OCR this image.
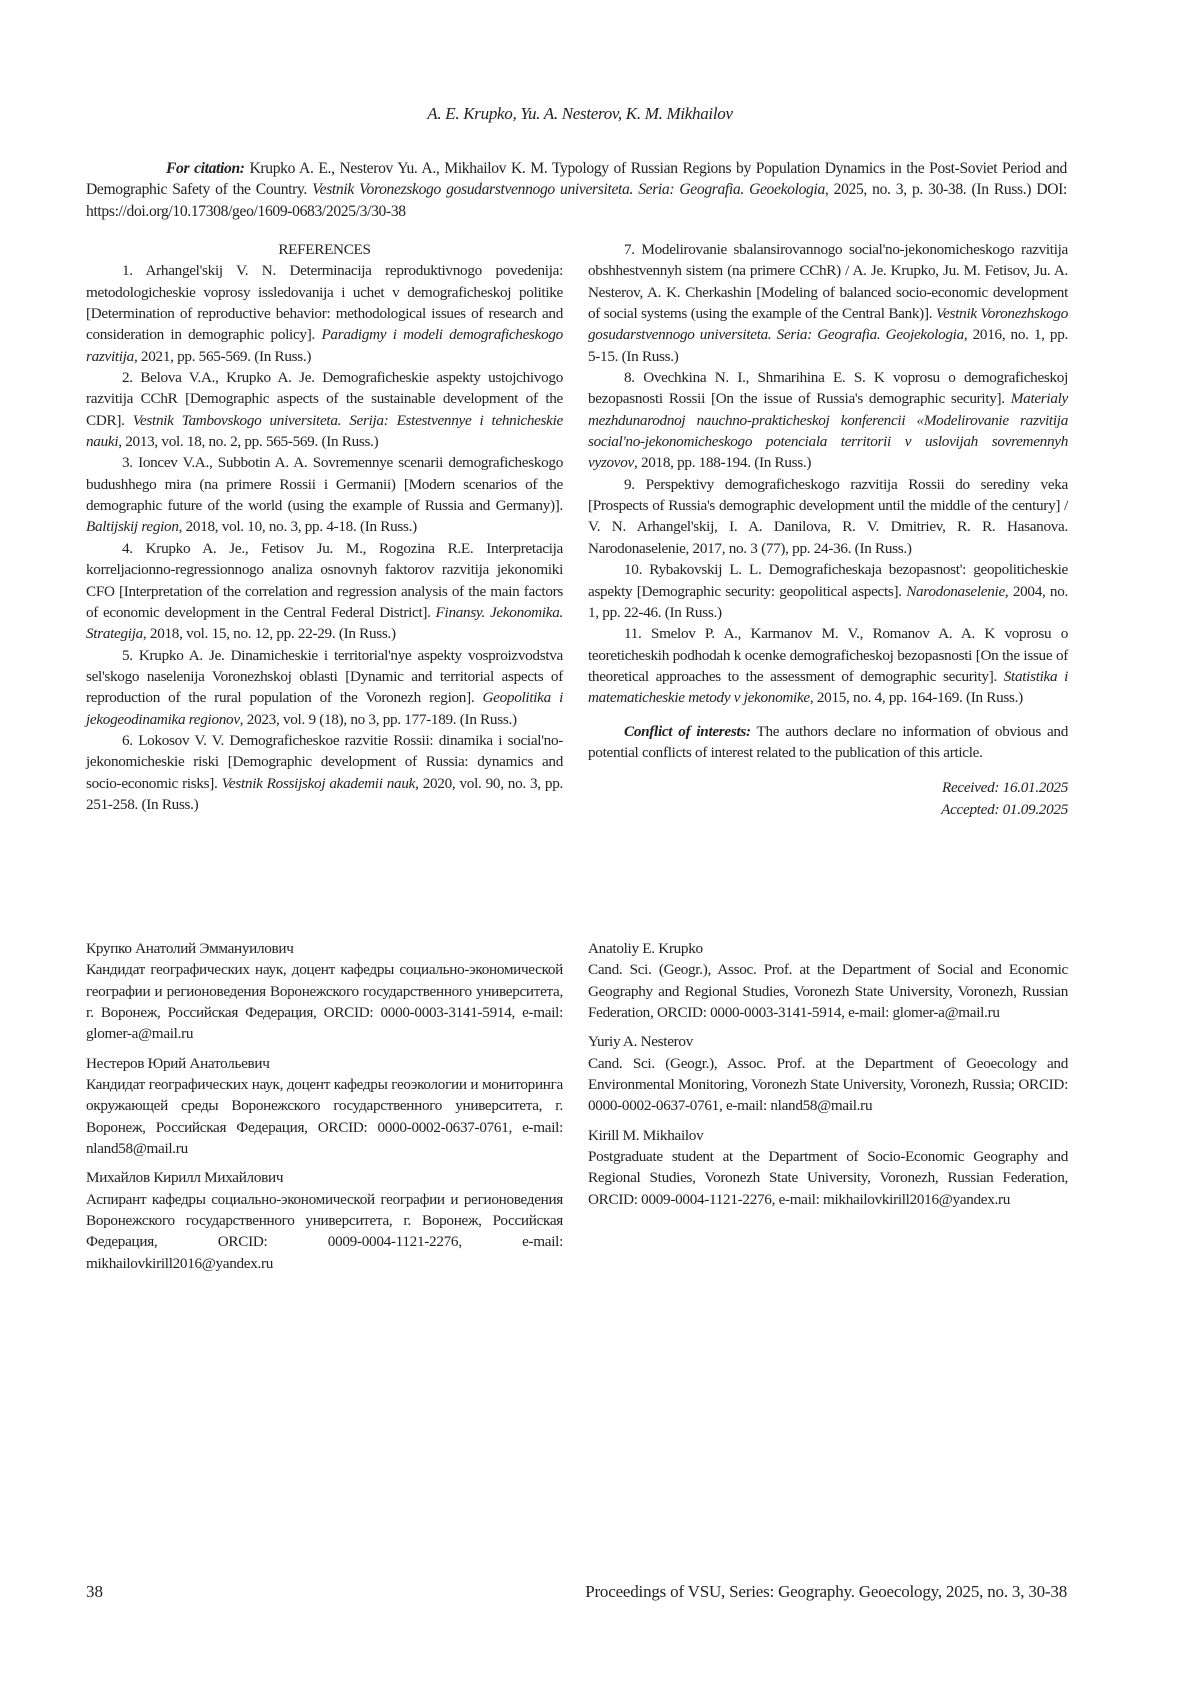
A. E. Krupko, Yu. A. Nesterov, K. M. Mikhailov

For citation: Krupko A. E., Nesterov Yu. A., Mikhailov K. M. Typology of Russian Regions by Population Dynamics in the Post-Soviet Period and Demographic Safety of the Country. Vestnik Voronezskogo gosudarstvennogo universiteta. Seria: Geografia. Geoekologia, 2025, no. 3, p. 30-38. (In Russ.) DOI: https://doi.org/10.17308/geo/1609-0683/2025/3/30-38

REFERENCES

1. Arhangel'skij V. N. Determinacija reproduktivnogo povedenija: metodologicheskie voprosy issledovanija i uchet v demograficheskoj politike [Determination of reproductive behavior: methodological issues of research and consideration in demographic policy]. Paradigmy i modeli demograficheskogo razvitija, 2021, pp. 565-569. (In Russ.)

2. Belova V.A., Krupko A. Je. Demograficheskie aspekty ustojchivogo razvitija CChR [Demographic aspects of the sustainable development of the CDR]. Vestnik Tambovskogo universiteta. Serija: Estestvennye i tehnicheskie nauki, 2013, vol. 18, no. 2, pp. 565-569. (In Russ.)

3. Ioncev V.A., Subbotin A. A. Sovremennye scenarii demograficheskogo budushhego mira (na primere Rossii i Germanii) [Modern scenarios of the demographic future of the world (using the example of Russia and Germany)]. Baltijskij region, 2018, vol. 10, no. 3, pp. 4-18. (In Russ.)

4. Krupko A. Je., Fetisov Ju. M., Rogozina R.E. Interpretacija korreljacionno-regressionnogo analiza osnovnyh faktorov razvitija jekonomiki CFO [Interpretation of the correlation and regression analysis of the main factors of economic development in the Central Federal District]. Finansy. Jekonomika. Strategija, 2018, vol. 15, no. 12, pp. 22-29. (In Russ.)

5. Krupko A. Je. Dinamicheskie i territorial'nye aspekty vosproizvodstva sel'skogo naselenija Voronezhskoj oblasti [Dynamic and territorial aspects of reproduction of the rural population of the Voronezh region]. Geopolitika i jekogeodinamika regionov, 2023, vol. 9 (18), no 3, pp. 177-189. (In Russ.)

6. Lokosov V. V. Demograficheskoe razvitie Rossii: dinamika i social'no-jekonomicheskie riski [Demographic development of Russia: dynamics and socio-economic risks]. Vestnik Rossijskoj akademii nauk, 2020, vol. 90, no. 3, pp. 251-258. (In Russ.)

7. Modelirovanie sbalansirovannogo social'no-jekonomicheskogo razvitija obshhestvennyh sistem (na primere CChR) / A. Je. Krupko, Ju. M. Fetisov, Ju. A. Nesterov, A. K. Cherkashin [Modeling of balanced socio-economic development of social systems (using the example of the Central Bank)]. Vestnik Voronezhskogo gosudarstvennogo universiteta. Seria: Geografia. Geojekologia, 2016, no. 1, pp. 5-15. (In Russ.)

8. Ovechkina N. I., Shmarihina E. S. K voprosu o demograficheskoj bezopasnosti Rossii [On the issue of Russia's demographic security]. Materialy mezhdunarodnoj nauchno-prakticheskoj konferencii «Modelirovanie razvitija social'no-jekonomicheskogo potenciala territorii v uslovijah sovremennyh vyzovov, 2018, pp. 188-194. (In Russ.)

9. Perspektivy demograficheskogo razvitija Rossii do serediny veka [Prospects of Russia's demographic development until the middle of the century] / V. N. Arhangel'skij, I. A. Danilova, R. V. Dmitriev, R. R. Hasanova. Narodonaselenie, 2017, no. 3 (77), pp. 24-36. (In Russ.)

10. Rybakovskij L. L. Demograficheskaja bezopasnost': geopoliticheskie aspekty [Demographic security: geopolitical aspects]. Narodonaselenie, 2004, no. 1, pp. 22-46. (In Russ.)

11. Smelov P. A., Karmanov M. V., Romanov A. A. K voprosu o teoreticheskih podhodah k ocenke demograficheskoj bezopasnosti [On the issue of theoretical approaches to the assessment of demographic security]. Statistika i matematicheskie metody v jekonomike, 2015, no. 4, pp. 164-169. (In Russ.)

Conflict of interests: The authors declare no information of obvious and potential conflicts of interest related to the publication of this article.

Received: 16.01.2025
Accepted: 01.09.2025
Крупко Анатолий Эммануилович
Кандидат географических наук, доцент кафедры социально-экономической географии и регионоведения Воронежского государственного университета, г. Воронеж, Российская Федерация, ORCID: 0000-0003-3141-5914, e-mail: glomer-a@mail.ru
Нестеров Юрий Анатольевич
Кандидат географических наук, доцент кафедры геоэкологии и мониторинга окружающей среды Воронежского государственного университета, г. Воронеж, Российская Федерация, ORCID: 0000-0002-0637-0761, e-mail: nland58@mail.ru
Михайлов Кирилл Михайлович
Аспирант кафедры социально-экономической географии и регионоведения Воронежского государственного университета, г. Воронеж, Российская Федерация, ORCID: 0009-0004-1121-2276, e-mail: mikhailovkirill2016@yandex.ru
Anatoliy E. Krupko
Cand. Sci. (Geogr.), Assoc. Prof. at the Department of Social and Economic Geography and Regional Studies, Voronezh State University, Voronezh, Russian Federation, ORCID: 0000-0003-3141-5914, e-mail: glomer-a@mail.ru
Yuriy A. Nesterov
Cand. Sci. (Geogr.), Assoc. Prof. at the Department of Geoecology and Environmental Monitoring, Voronezh State University, Voronezh, Russia; ORCID: 0000-0002-0637-0761, e-mail: nland58@mail.ru
Kirill M. Mikhailov
Postgraduate student at the Department of Socio-Economic Geography and Regional Studies, Voronezh State University, Voronezh, Russian Federation, ORCID: 0009-0004-1121-2276, e-mail: mikhailovkirill2016@yandex.ru
38	Proceedings of VSU, Series: Geography. Geoecology, 2025, no. 3, 30-38
